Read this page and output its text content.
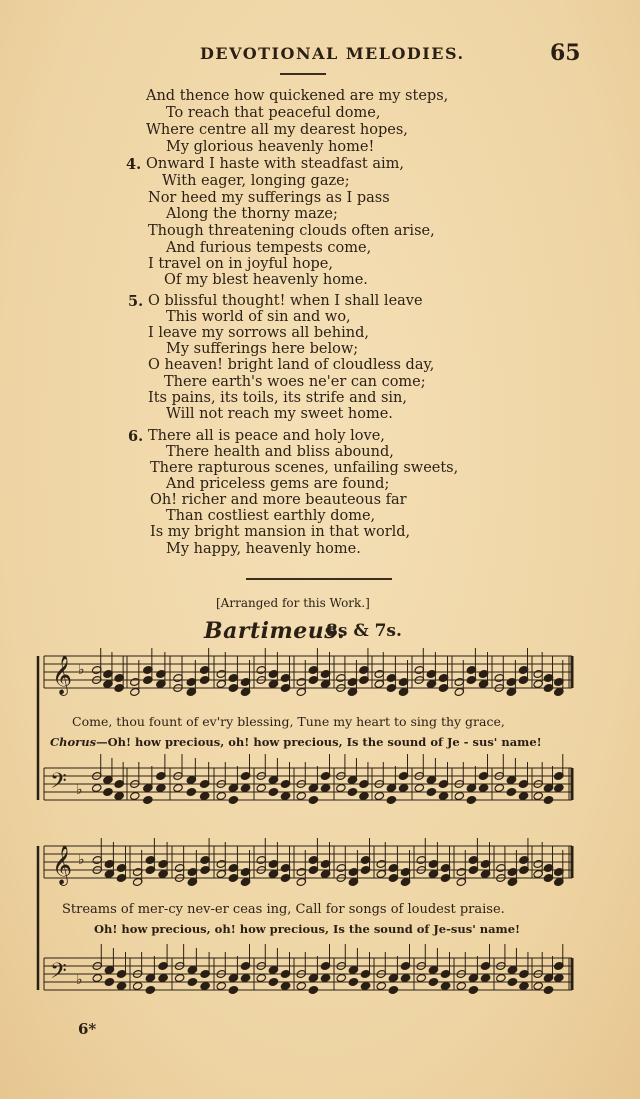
DEVOTIONAL MELODIES.	65
And thence how quickened are my steps,
To reach that peaceful dome,
Where centre all my dearest hopes,
My glorious heavenly home!
4. Onward I haste with steadfast aim,
With eager, longing gaze;
Nor heed my sufferings as I pass
Along the thorny maze;
Though threatening clouds often arise,
And furious tempests come,
I travel on in joyful hope,
Of my blest heavenly home.
5. O blissful thought! when I shall leave
This world of sin and wo,
I leave my sorrows all behind,
My sufferings here below;
O heaven! bright land of cloudless day,
There earth's woes ne'er can come;
Its pains, its toils, its strife and sin,
Will not reach my sweet home.
6. There all is peace and holy love,
There health and bliss abound,
There rapturous scenes, unfailing sweets,
And priceless gems are found;
Oh! richer and more beauteous far
Than costliest earthly dome,
Is my bright mansion in that world,
My happy, heavenly home.
[Arranged for this Work.]
Bartimeus.
8s & 7s.
𝄞
𝄢
♭
♭
𝄞
𝄢
♭
♭
Come, thou fount of ev'ry blessing, Tune my heart to sing thy grace,
Chorus—Oh! how precious, oh! how precious, Is the sound of Je - sus' name!
Streams of mer-cy nev-er ceas ing, Call for songs of loudest praise.
Oh! how precious, oh! how precious, Is the sound of Je-sus' name!
6*
